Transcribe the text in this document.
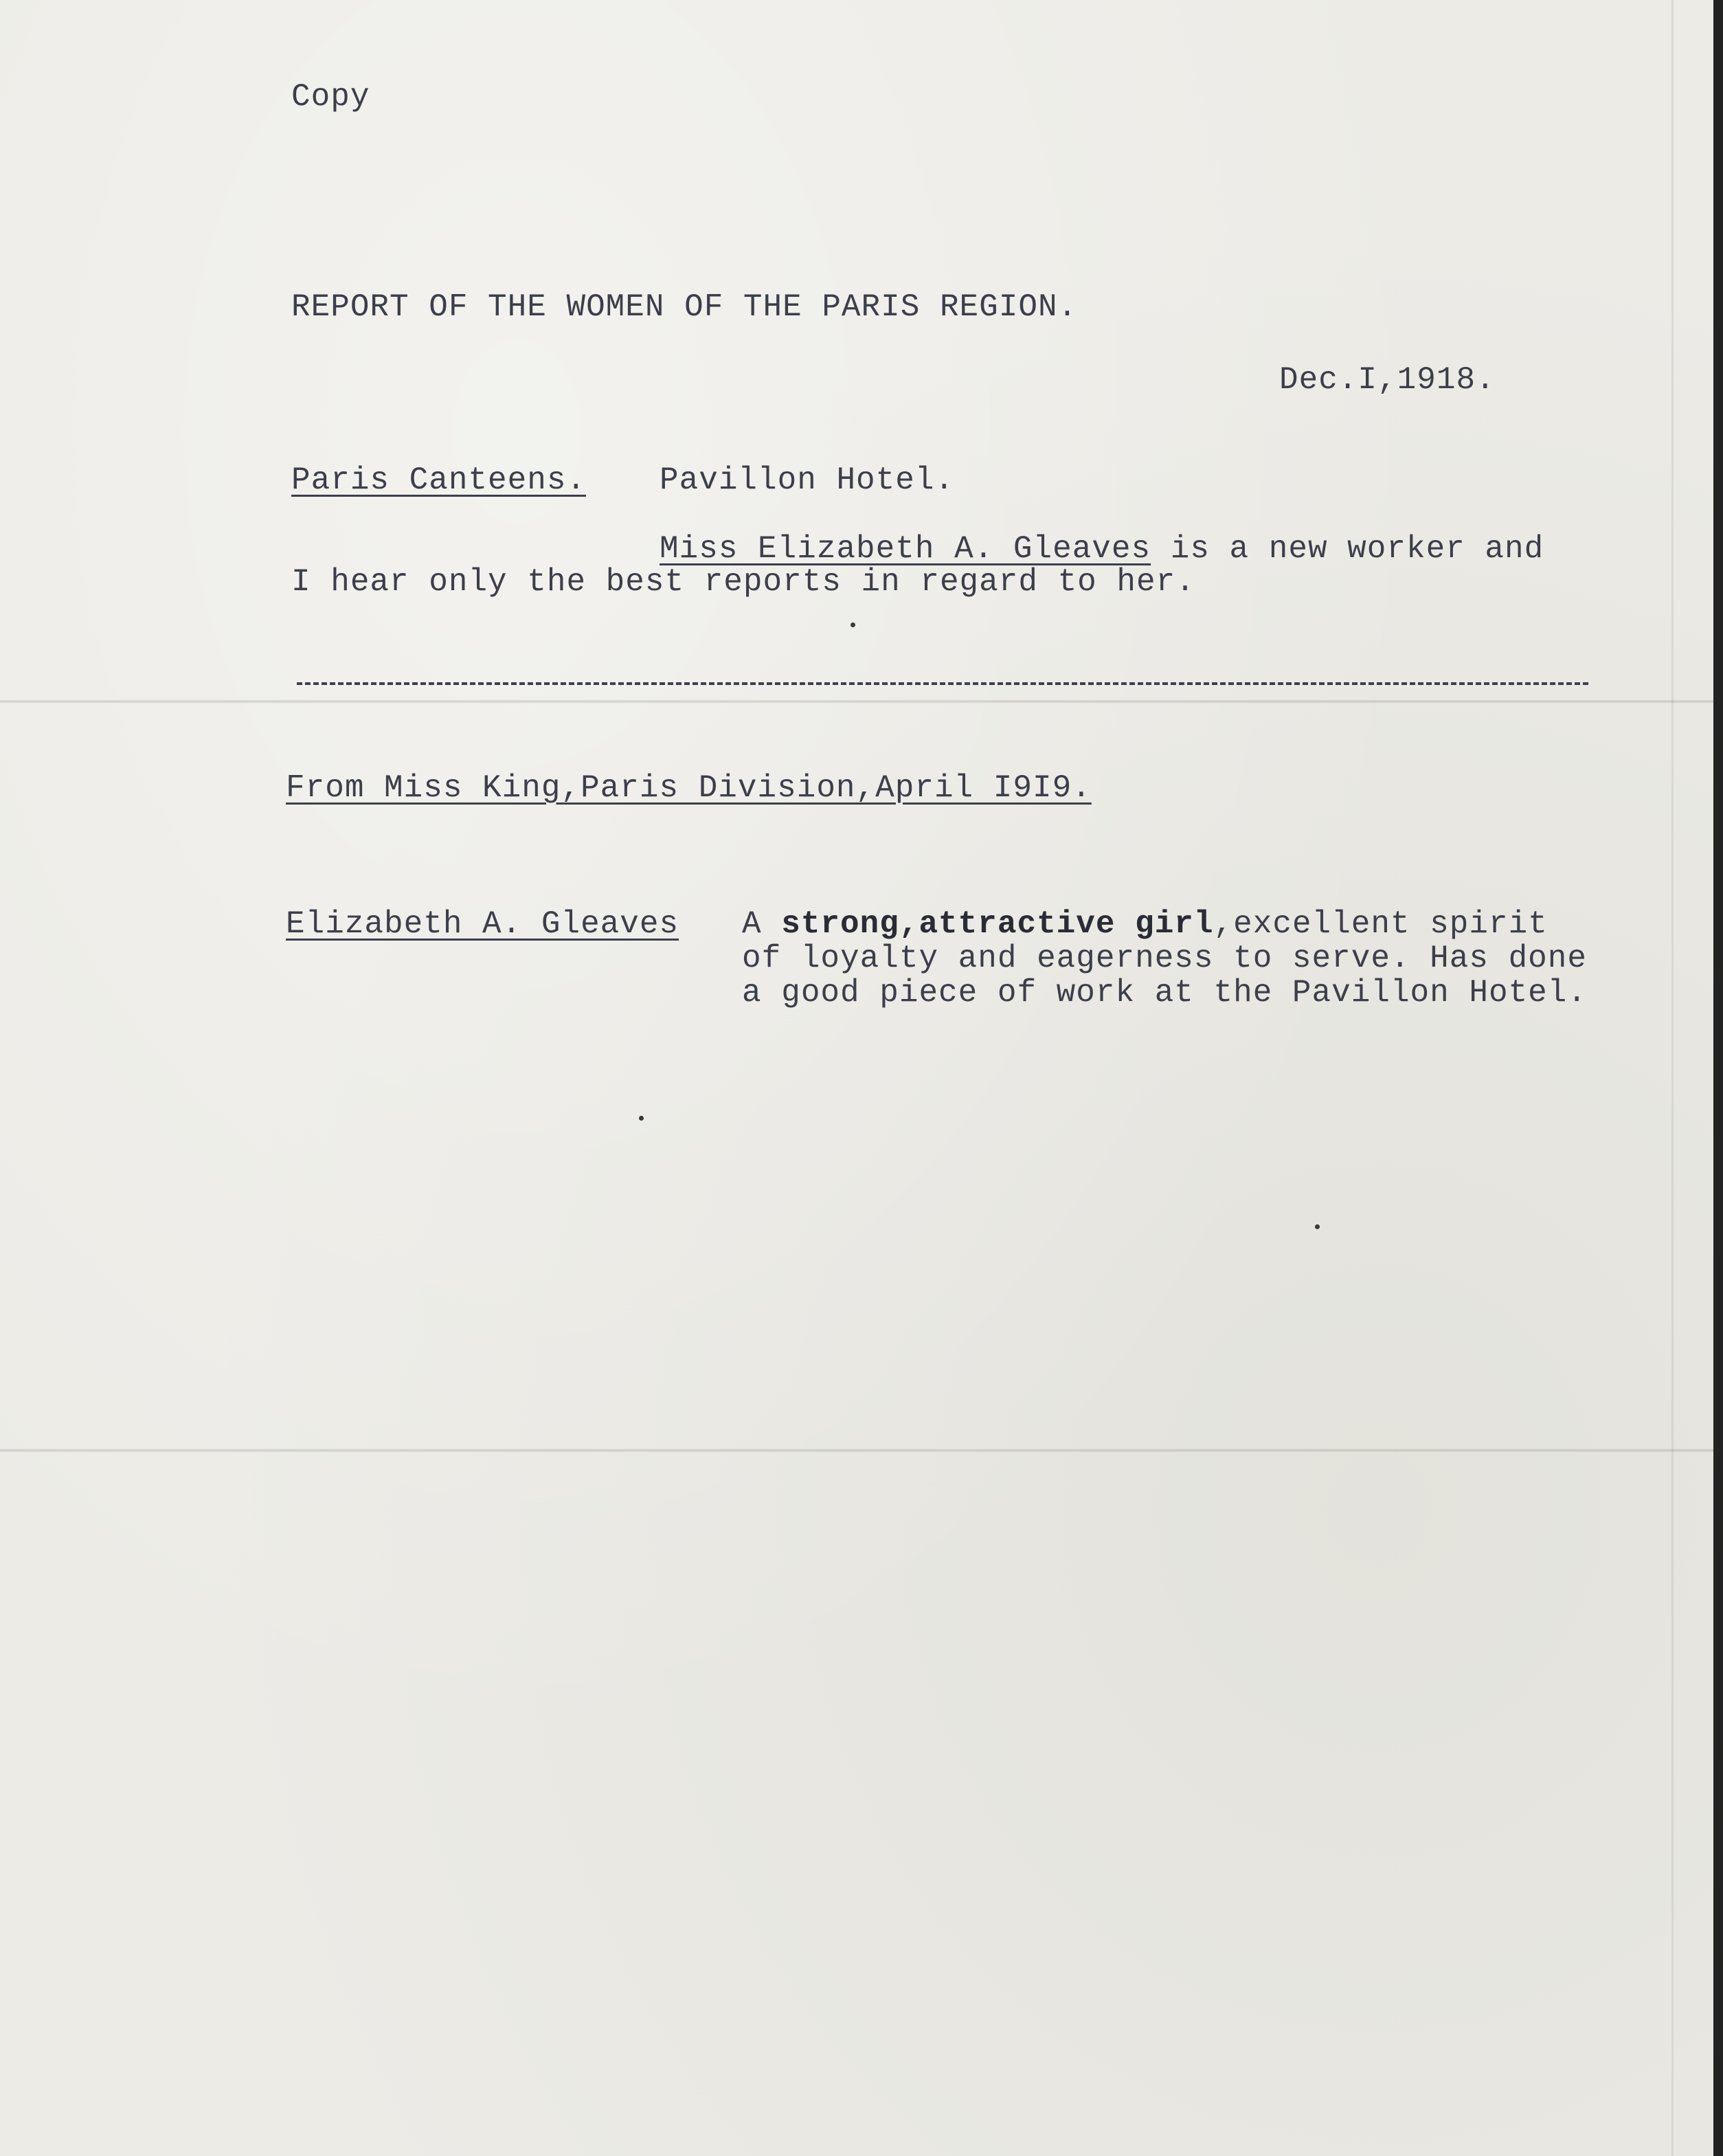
Copy
REPORT OF THE WOMEN OF THE PARIS REGION.
Dec.I,1918.
Paris Canteens. Pavillon Hotel.
Miss Elizabeth A. Gleaves is a new worker and
I hear only the best reports in regard to her.
From Miss King,Paris Division,April I9I9.
Elizabeth A. Gleaves A strong,attractive girl,excellent spirit
of loyalty and eagerness to serve. Has done
a good piece of work at the Pavillon Hotel.
